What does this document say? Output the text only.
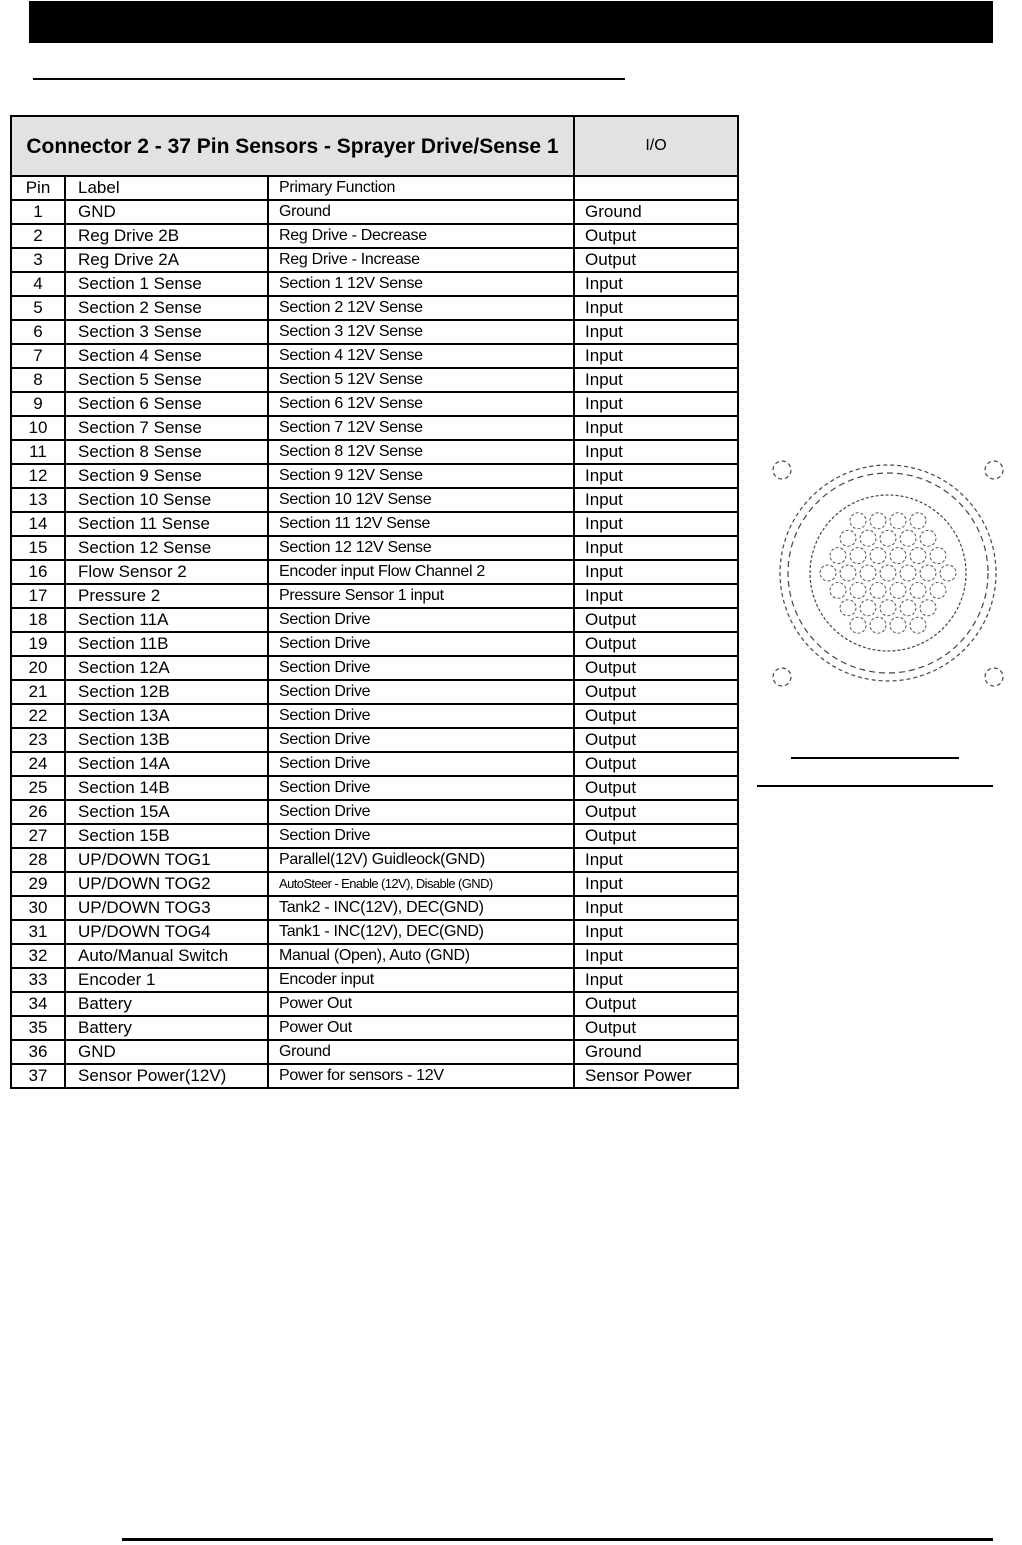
Connector 2 - 37 Pin Sensors - Sprayer Drive/Sense 1			I/O
Pin	Label	Primary Function	
1	GND	Ground	Ground
2	Reg Drive 2B	Reg Drive - Decrease	Output
3	Reg Drive 2A	Reg Drive - Increase	Output
4	Section 1 Sense	Section 1 12V Sense	Input
5	Section 2 Sense	Section 2 12V Sense	Input
6	Section 3 Sense	Section 3 12V Sense	Input
7	Section 4 Sense	Section 4 12V Sense	Input
8	Section 5 Sense	Section 5 12V Sense	Input
9	Section 6 Sense	Section 6 12V Sense	Input
10	Section 7 Sense	Section 7 12V Sense	Input
11	Section 8 Sense	Section 8 12V Sense	Input
12	Section 9 Sense	Section 9 12V Sense	Input
13	Section 10 Sense	Section 10 12V Sense	Input
14	Section 11 Sense	Section 11 12V Sense	Input
15	Section 12 Sense	Section 12 12V Sense	Input
16	Flow Sensor 2	Encoder input Flow Channel 2	Input
17	Pressure 2	Pressure Sensor 1 input	Input
18	Section 11A	Section Drive	Output
19	Section 11B	Section Drive	Output
20	Section 12A	Section Drive	Output
21	Section 12B	Section Drive	Output
22	Section 13A	Section Drive	Output
23	Section 13B	Section Drive	Output
24	Section 14A	Section Drive	Output
25	Section 14B	Section Drive	Output
26	Section 15A	Section Drive	Output
27	Section 15B	Section Drive	Output
28	UP/DOWN TOG1	Parallel(12V) Guidleock(GND)	Input
29	UP/DOWN TOG2	AutoSteer - Enable (12V), Disable (GND)	Input
30	UP/DOWN TOG3	Tank2 - INC(12V), DEC(GND)	Input
31	UP/DOWN TOG4	Tank1 - INC(12V), DEC(GND)	Input
32	Auto/Manual Switch	Manual (Open), Auto (GND)	Input
33	Encoder 1	Encoder input	Input
34	Battery	Power Out	Output
35	Battery	Power Out	Output
36	GND	Ground	Ground
37	Sensor Power(12V)	Power for sensors - 12V	Sensor Power
